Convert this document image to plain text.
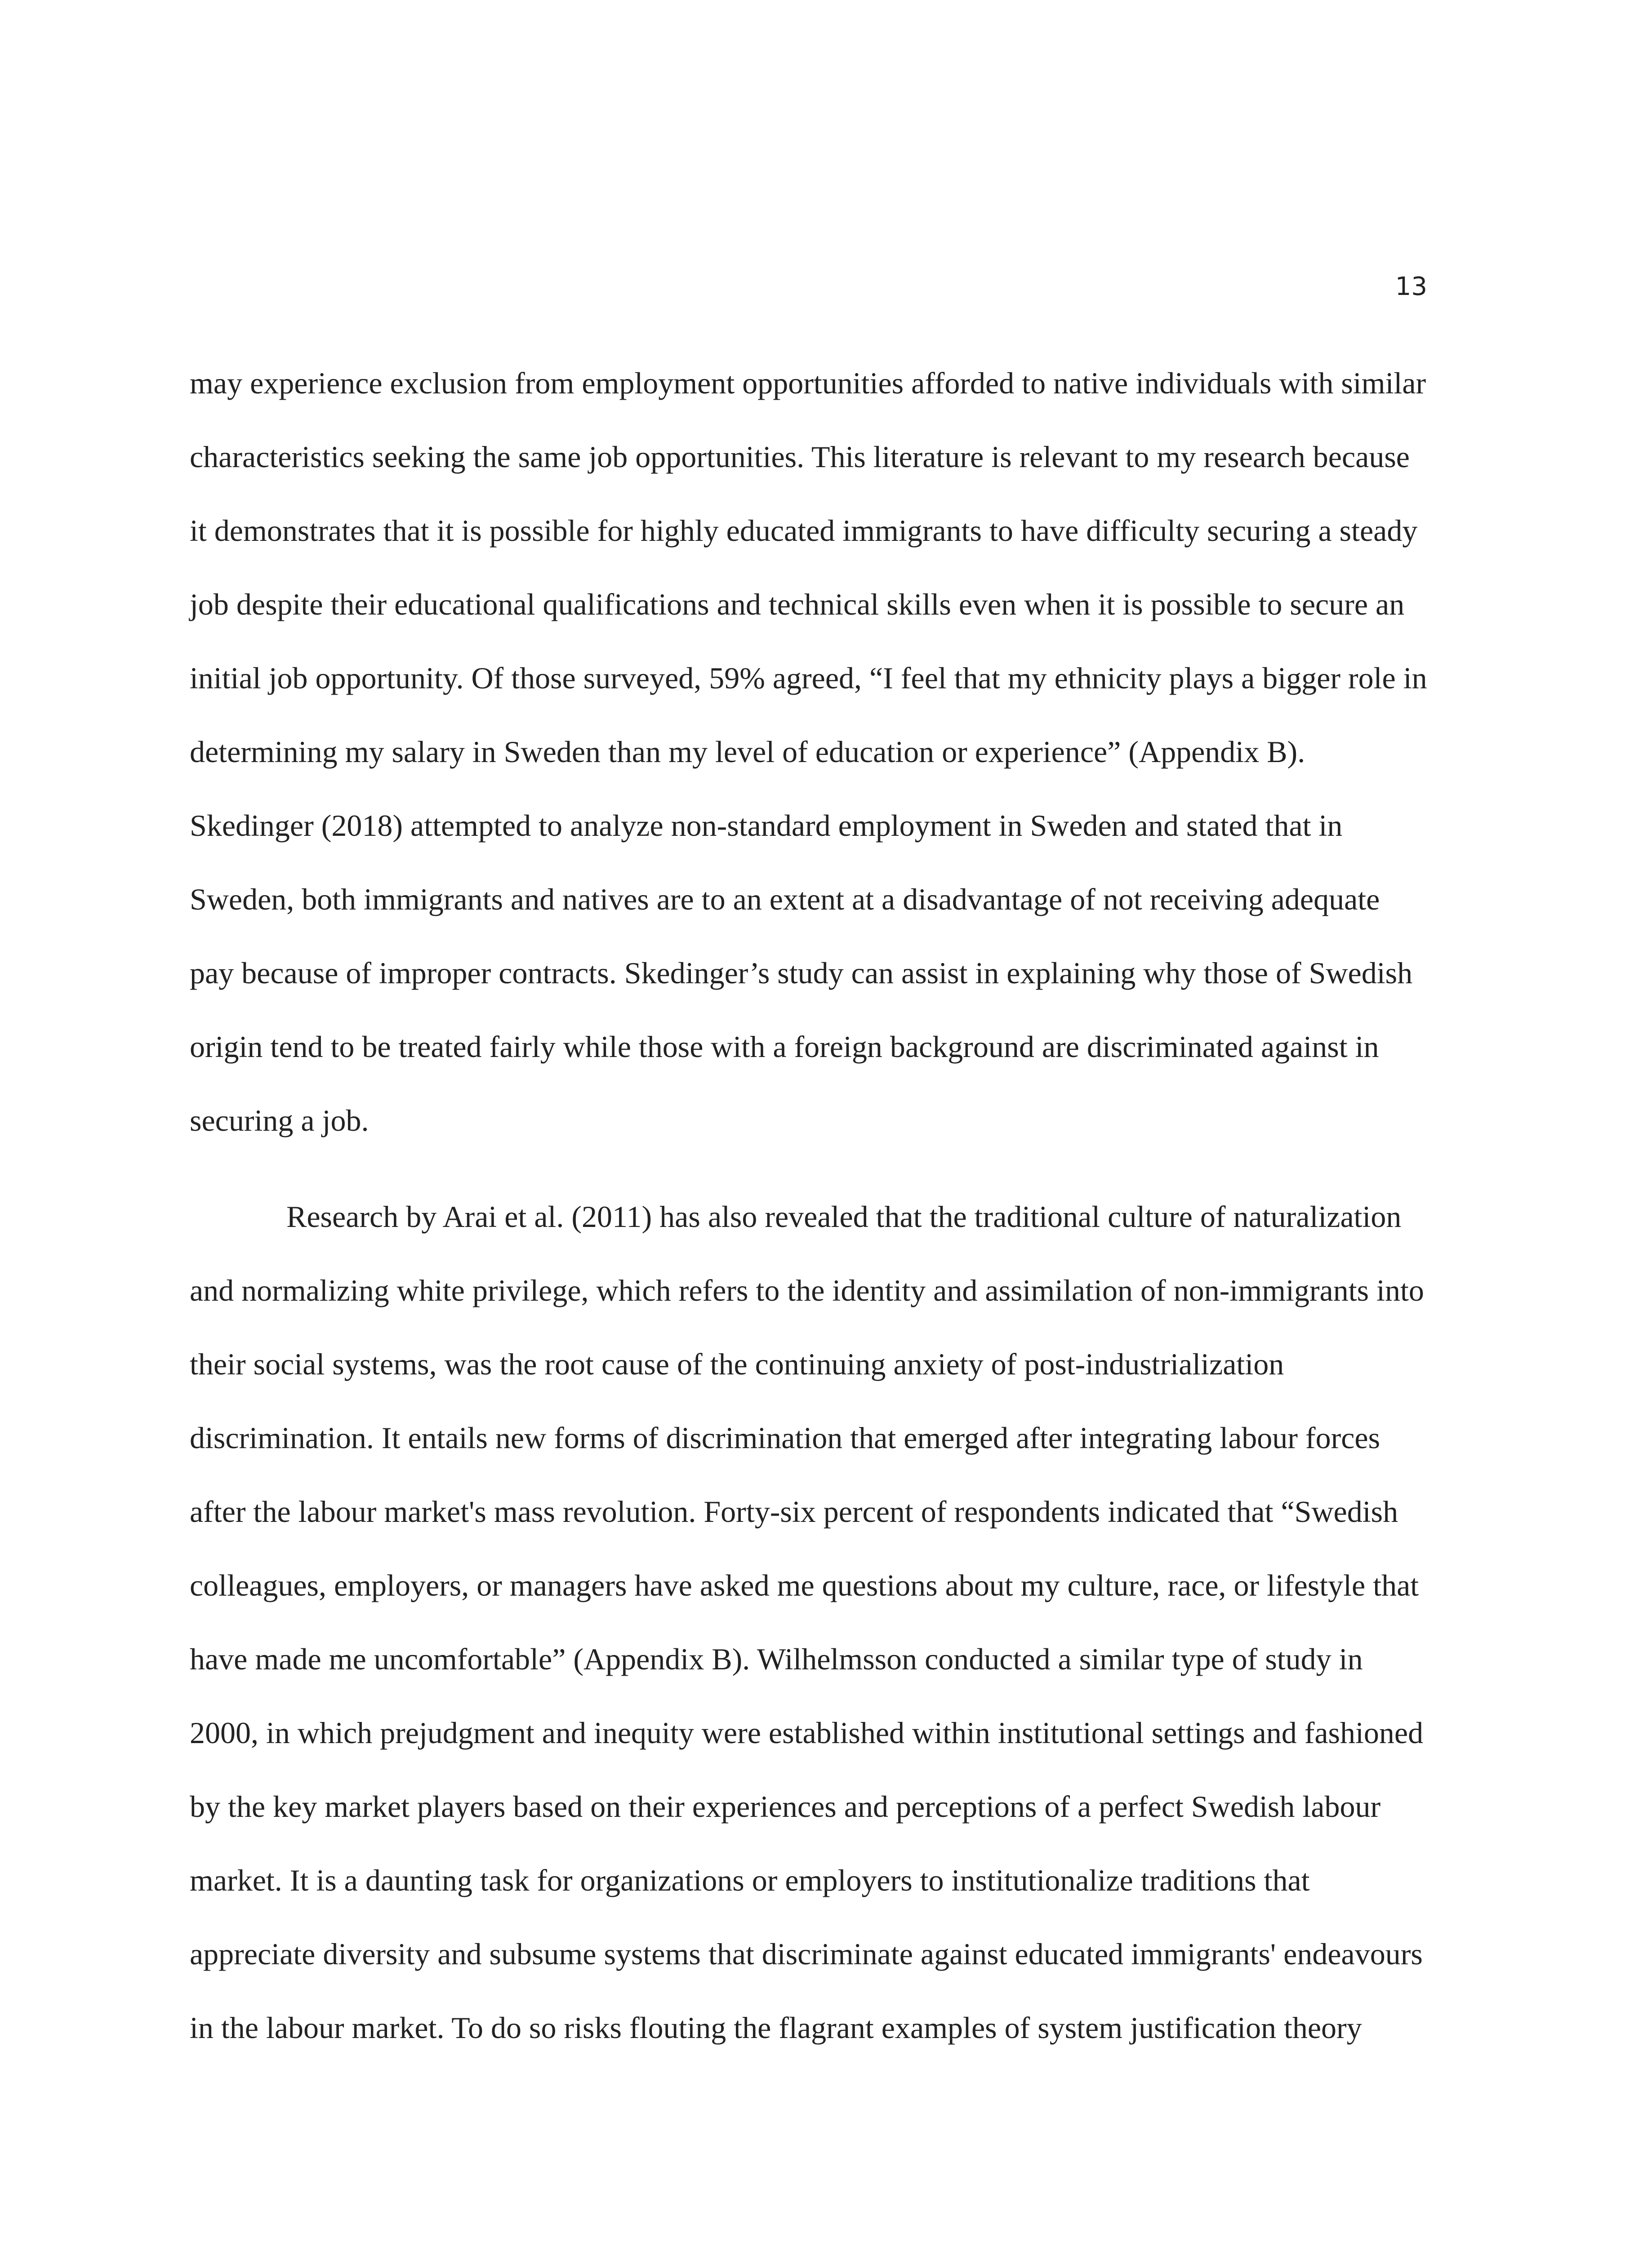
13
may experience exclusion from employment opportunities afforded to native individuals with similar
characteristics seeking the same job opportunities. This literature is relevant to my research because
it demonstrates that it is possible for highly educated immigrants to have difficulty securing a steady
job despite their educational qualifications and technical skills even when it is possible to secure an
initial job opportunity. Of those surveyed, 59% agreed, “I feel that my ethnicity plays a bigger role in
determining my salary in Sweden than my level of education or experience” (Appendix B).
Skedinger (2018) attempted to analyze non-standard employment in Sweden and stated that in
Sweden, both immigrants and natives are to an extent at a disadvantage of not receiving adequate
pay because of improper contracts. Skedinger’s study can assist in explaining why those of Swedish
origin tend to be treated fairly while those with a foreign background are discriminated against in
securing a job.
Research by Arai et al. (2011) has also revealed that the traditional culture of naturalization
and normalizing white privilege, which refers to the identity and assimilation of non-immigrants into
their social systems, was the root cause of the continuing anxiety of post-industrialization
discrimination. It entails new forms of discrimination that emerged after integrating labour forces
after the labour market's mass revolution. Forty-six percent of respondents indicated that “Swedish
colleagues, employers, or managers have asked me questions about my culture, race, or lifestyle that
have made me uncomfortable” (Appendix B). Wilhelmsson conducted a similar type of study in
2000, in which prejudgment and inequity were established within institutional settings and fashioned
by the key market players based on their experiences and perceptions of a perfect Swedish labour
market. It is a daunting task for organizations or employers to institutionalize traditions that
appreciate diversity and subsume systems that discriminate against educated immigrants' endeavours
in the labour market. To do so risks flouting the flagrant examples of system justification theory
